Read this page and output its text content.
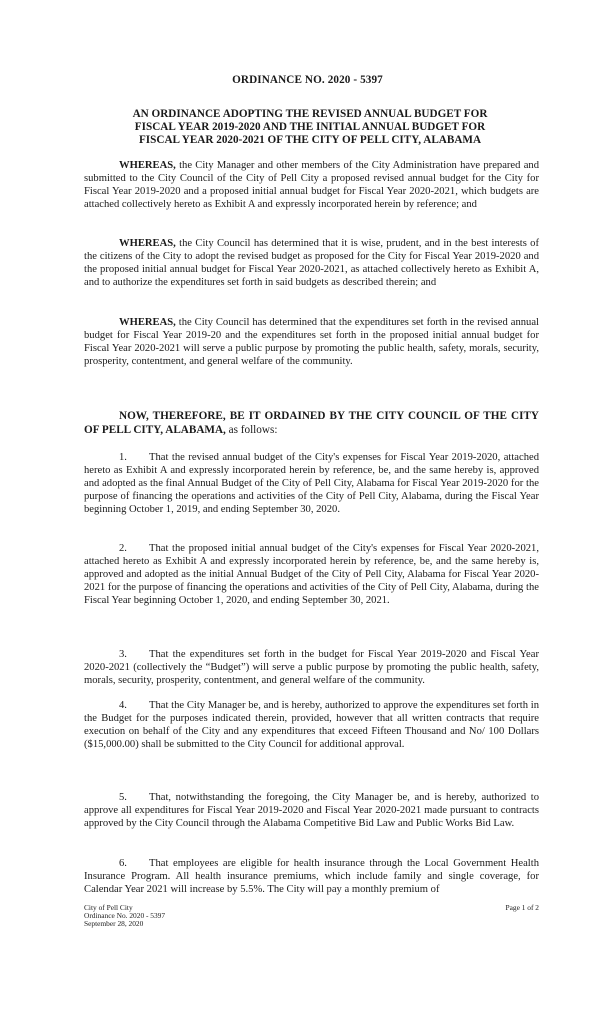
ORDINANCE NO. 2020 - 5397
AN ORDINANCE ADOPTING THE REVISED ANNUAL BUDGET FOR
FISCAL YEAR 2019-2020 AND THE INITIAL ANNUAL BUDGET FOR
FISCAL YEAR 2020-2021 OF THE CITY OF PELL CITY, ALABAMA

WHEREAS, the City Manager and other members of the City Administration have prepared and submitted to the City Council of the City of Pell City a proposed revised annual budget for the City for Fiscal Year 2019-2020 and a proposed initial annual budget for Fiscal Year 2020-2021, which budgets are attached collectively hereto as Exhibit A and expressly incorporated herein by reference; and

WHEREAS, the City Council has determined that it is wise, prudent, and in the best interests of the citizens of the City to adopt the revised budget as proposed for the City for Fiscal Year 2019-2020 and the proposed initial annual budget for Fiscal Year 2020-2021, as attached collectively hereto as Exhibit A, and to authorize the expenditures set forth in said budgets as described therein; and

WHEREAS, the City Council has determined that the expenditures set forth in the revised annual budget for Fiscal Year 2019-20 and the expenditures set forth in the proposed initial annual budget for Fiscal Year 2020-2021 will serve a public purpose by promoting the public health, safety, morals, security, prosperity, contentment, and general welfare of the community.

NOW, THEREFORE, BE IT ORDAINED BY THE CITY COUNCIL OF THE CITY OF PELL CITY, ALABAMA, as follows:

1. That the revised annual budget of the City's expenses for Fiscal Year 2019-2020, attached hereto as Exhibit A and expressly incorporated herein by reference, be, and the same hereby is, approved and adopted as the final Annual Budget of the City of Pell City, Alabama for Fiscal Year 2019-2020 for the purpose of financing the operations and activities of the City of Pell City, Alabama, during the Fiscal Year beginning October 1, 2019, and ending September 30, 2020.

2. That the proposed initial annual budget of the City's expenses for Fiscal Year 2020-2021, attached hereto as Exhibit A and expressly incorporated herein by reference, be, and the same hereby is, approved and adopted as the initial Annual Budget of the City of Pell City, Alabama for Fiscal Year 2020-2021 for the purpose of financing the operations and activities of the City of Pell City, Alabama, during the Fiscal Year beginning October 1, 2020, and ending September 30, 2021.

3. That the expenditures set forth in the budget for Fiscal Year 2019-2020 and Fiscal Year 2020-2021 (collectively the “Budget”) will serve a public purpose by promoting the public health, safety, morals, security, prosperity, contentment, and general welfare of the community.

4. That the City Manager be, and is hereby, authorized to approve the expenditures set forth in the Budget for the purposes indicated therein, provided, however that all written contracts that require execution on behalf of the City and any expenditures that exceed Fifteen Thousand and No/ 100 Dollars ($15,000.00) shall be submitted to the City Council for additional approval.

5. That, notwithstanding the foregoing, the City Manager be, and is hereby, authorized to approve all expenditures for Fiscal Year 2019-2020 and Fiscal Year 2020-2021 made pursuant to contracts approved by the City Council through the Alabama Competitive Bid Law and Public Works Bid Law.

6. That employees are eligible for health insurance through the Local Government Health Insurance Program. All health insurance premiums, which include family and single coverage, for Calendar Year 2021 will increase by 5.5%. The City will pay a monthly premium of

City of Pell City
Ordinance No. 2020 - 5397
September 28, 2020
Page 1 of 2
